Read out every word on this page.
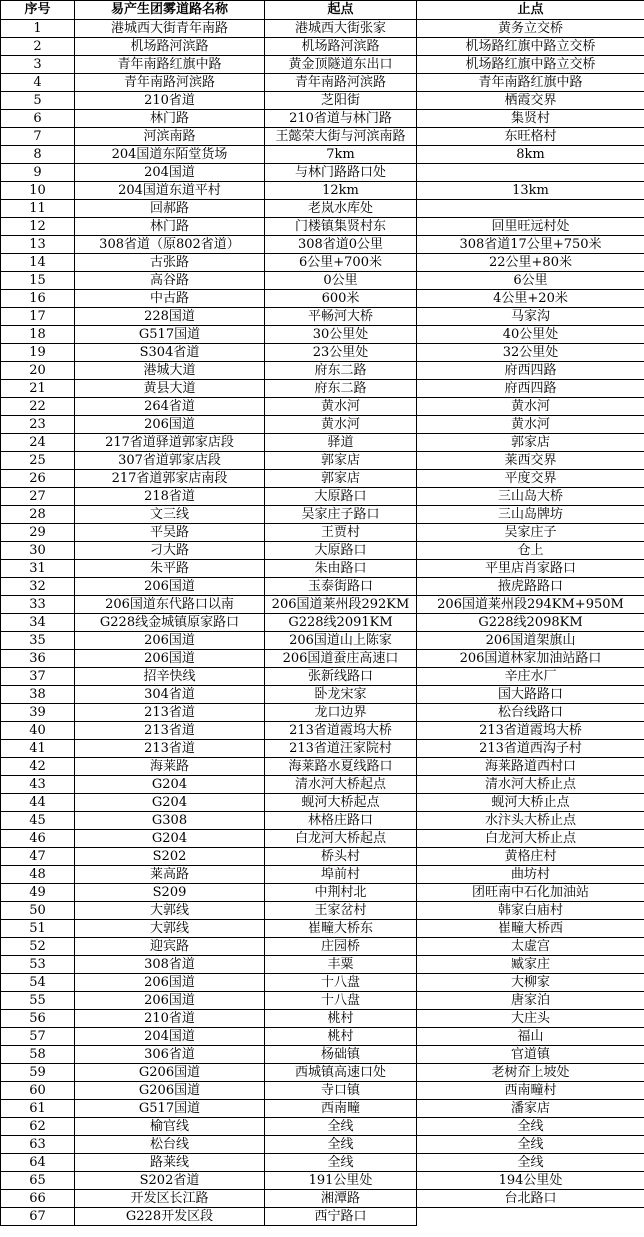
序号	易产生团雾道路名称	起点	止点
1	港城西大街青年南路	港城西大街张家	黄务立交桥
2	机场路河滨路	机场路河滨路	机场路红旗中路立交桥
3	青年南路红旗中路	黄金顶隧道东出口	机场路红旗中路立交桥
4	青年南路河滨路	青年南路河滨路	青年南路红旗中路
5	210省道	芝阳街	栖霞交界
6	林门路	210省道与林门路	集贤村
7	河滨南路	王懿荣大街与河滨南路	东旺格村
8	204国道东陌堂货场	7km	8km
9	204国道	与林门路路口处	
10	204国道东道平村	12km	13km
11	回郝路	老岚水库处	
12	林门路	门楼镇集贤村东	回里旺远村处
13	308省道（原802省道）	308省道0公里	308省道17公里+750米
14	古张路	6公里+700米	22公里+80米
15	高谷路	0公里	6公里
16	中古路	600米	4公里+20米
17	228国道	平畅河大桥	马家沟
18	G517国道	30公里处	40公里处
19	S304省道	23公里处	32公里处
20	港城大道	府东二路	府西四路
21	黄县大道	府东二路	府西四路
22	264省道	黄水河	黄水河
23	206国道	黄水河	黄水河
24	217省道驿道郭家店段	驿道	郭家店
25	307省道郭家店段	郭家店	莱西交界
26	217省道郭家店南段	郭家店	平度交界
27	218省道	大原路口	三山岛大桥
28	文三线	吴家庄子路口	三山岛牌坊
29	平吴路	王贾村	吴家庄子
30	刁大路	大原路口	仓上
31	朱平路	朱由路口	平里店肖家路口
32	206国道	玉泰街路口	掖虎路路口
33	206国道东代路口以南	206国道莱州段292KM	206国道莱州段294KM+950M
34	G228线金城镇原家路口	G228线2091KM	G228线2098KM
35	206国道	206国道山上陈家	206国道架旗山
36	206国道	206国道蚕庄高速口	206国道林家加油站路口
37	招辛快线	张新线路口	辛庄水厂
38	304省道	卧龙宋家	国大路路口
39	213省道	龙口边界	松台线路口
40	213省道	213省道霞坞大桥	213省道霞坞大桥
41	213省道	213省道汪家院村	213省道西沟子村
42	海莱路	海莱路水夏线路口	海莱路道西村口
43	G204	清水河大桥起点	清水河大桥止点
44	G204	蚬河大桥起点	蚬河大桥止点
45	G308	林格庄路口	水汴头大桥止点
46	G204	白龙河大桥起点	白龙河大桥止点
47	S202	桥头村	黄格庄村
48	莱高路	埠前村	曲坊村
49	S209	中荆村北	团旺南中石化加油站
50	大郭线	王家岔村	韩家白庙村
51	大郭线	崔疃大桥东	崔疃大桥西
52	迎宾路	庄园桥	太虚宫
53	308省道	丰粟	臧家庄
54	206国道	十八盘	大柳家
55	206国道	十八盘	唐家泊
56	210省道	桃村	大庄头
57	204国道	桃村	福山
58	306省道	杨础镇	官道镇
59	G206国道	西城镇高速口处	老树夼上坡处
60	G206国道	寺口镇	西南疃村
61	G517国道	西南疃	潘家店
62	榆官线	全线	全线
63	松台线	全线	全线
64	路莱线	全线	全线
65	S202省道	191公里处	194公里处
66	开发区长江路	湘潭路	台北路口
67	G228开发区段	西宁路口	
